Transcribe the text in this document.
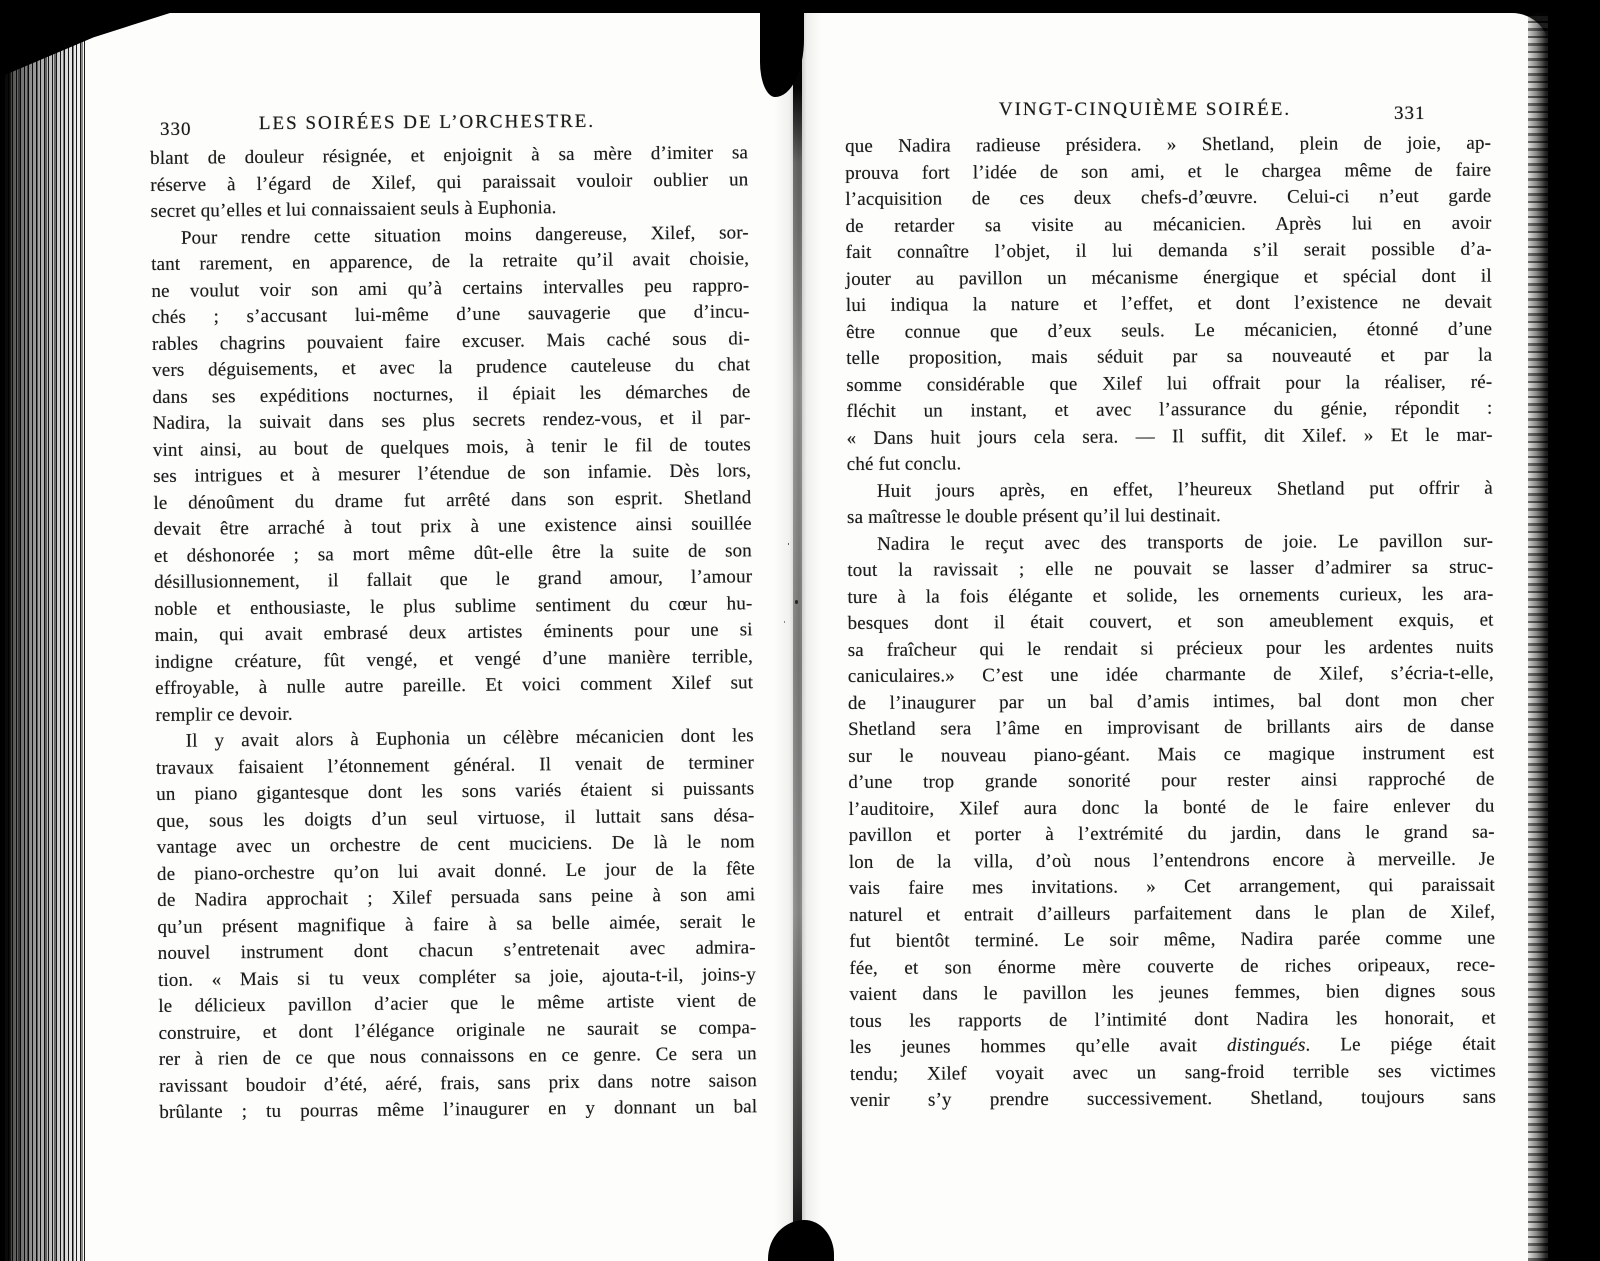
330	LES SOIRÉES DE L’ORCHESTRE.
blant de douleur résignée, et enjoignit à sa mère d’imiter sa
réserve à l’égard de Xilef, qui paraissait vouloir oublier un
secret qu’elles et lui connaissaient seuls à Euphonia.
Pour rendre cette situation moins dangereuse, Xilef, sor-
tant rarement, en apparence, de la retraite qu’il avait choisie,
ne voulut voir son ami qu’à certains intervalles peu rappro-
chés ; s’accusant lui-même d’une sauvagerie que d’incu-
rables chagrins pouvaient faire excuser. Mais caché sous di-
vers déguisements, et avec la prudence cauteleuse du chat
dans ses expéditions nocturnes, il épiait les démarches de
Nadira, la suivait dans ses plus secrets rendez-vous, et il par-
vint ainsi, au bout de quelques mois, à tenir le fil de toutes
ses intrigues et à mesurer l’étendue de son infamie. Dès lors,
le dénoûment du drame fut arrêté dans son esprit. Shetland
devait être arraché à tout prix à une existence ainsi souillée
et déshonorée ; sa mort même dût-elle être la suite de son
désillusionnement, il fallait que le grand amour, l’amour
noble et enthousiaste, le plus sublime sentiment du cœur hu-
main, qui avait embrasé deux artistes éminents pour une si
indigne créature, fût vengé, et vengé d’une manière terrible,
effroyable, à nulle autre pareille. Et voici comment Xilef sut
remplir ce devoir.
Il y avait alors à Euphonia un célèbre mécanicien dont les
travaux faisaient l’étonnement général. Il venait de terminer
un piano gigantesque dont les sons variés étaient si puissants
que, sous les doigts d’un seul virtuose, il luttait sans désa-
vantage avec un orchestre de cent muciciens. De là le nom
de piano-orchestre qu’on lui avait donné. Le jour de la fête
de Nadira approchait ; Xilef persuada sans peine à son ami
qu’un présent magnifique à faire à sa belle aimée, serait le
nouvel instrument dont chacun s’entretenait avec admira-
tion. « Mais si tu veux compléter sa joie, ajouta-t-il, joins-y
le délicieux pavillon d’acier que le même artiste vient de
construire, et dont l’élégance originale ne saurait se compa-
rer à rien de ce que nous connaissons en ce genre. Ce sera un
ravissant boudoir d’été, aéré, frais, sans prix dans notre saison
brûlante ; tu pourras même l’inaugurer en y donnant un bal
VINGT-CINQUIÈME SOIRÉE.	331
que Nadira radieuse présidera. » Shetland, plein de joie, ap-
prouva fort l’idée de son ami, et le chargea même de faire
l’acquisition de ces deux chefs-d’œuvre. Celui-ci n’eut garde
de retarder sa visite au mécanicien. Après lui en avoir
fait connaître l’objet, il lui demanda s’il serait possible d’a-
jouter au pavillon un mécanisme énergique et spécial dont il
lui indiqua la nature et l’effet, et dont l’existence ne devait
être connue que d’eux seuls. Le mécanicien, étonné d’une
telle proposition, mais séduit par sa nouveauté et par la
somme considérable que Xilef lui offrait pour la réaliser, ré-
fléchit un instant, et avec l’assurance du génie, répondit :
« Dans huit jours cela sera. — Il suffit, dit Xilef. » Et le mar-
ché fut conclu.
Huit jours après, en effet, l’heureux Shetland put offrir à
sa maîtresse le double présent qu’il lui destinait.
Nadira le reçut avec des transports de joie. Le pavillon sur-
tout la ravissait ; elle ne pouvait se lasser d’admirer sa struc-
ture à la fois élégante et solide, les ornements curieux, les ara-
besques dont il était couvert, et son ameublement exquis, et
sa fraîcheur qui le rendait si précieux pour les ardentes nuits
caniculaires.» C’est une idée charmante de Xilef, s’écria-t-elle,
de l’inaugurer par un bal d’amis intimes, bal dont mon cher
Shetland sera l’âme en improvisant de brillants airs de danse
sur le nouveau piano-géant. Mais ce magique instrument est
d’une trop grande sonorité pour rester ainsi rapproché de
l’auditoire, Xilef aura donc la bonté de le faire enlever du
pavillon et porter à l’extrémité du jardin, dans le grand sa-
lon de la villa, d’où nous l’entendrons encore à merveille. Je
vais faire mes invitations. » Cet arrangement, qui paraissait
naturel et entrait d’ailleurs parfaitement dans le plan de Xilef,
fut bientôt terminé. Le soir même, Nadira parée comme une
fée, et son énorme mère couverte de riches oripeaux, rece-
vaient dans le pavillon les jeunes femmes, bien dignes sous
tous les rapports de l’intimité dont Nadira les honorait, et
les jeunes hommes qu’elle avait distingués. Le piége était
tendu; Xilef voyait avec un sang-froid terrible ses victimes
venir s’y prendre successivement. Shetland, toujours sans
